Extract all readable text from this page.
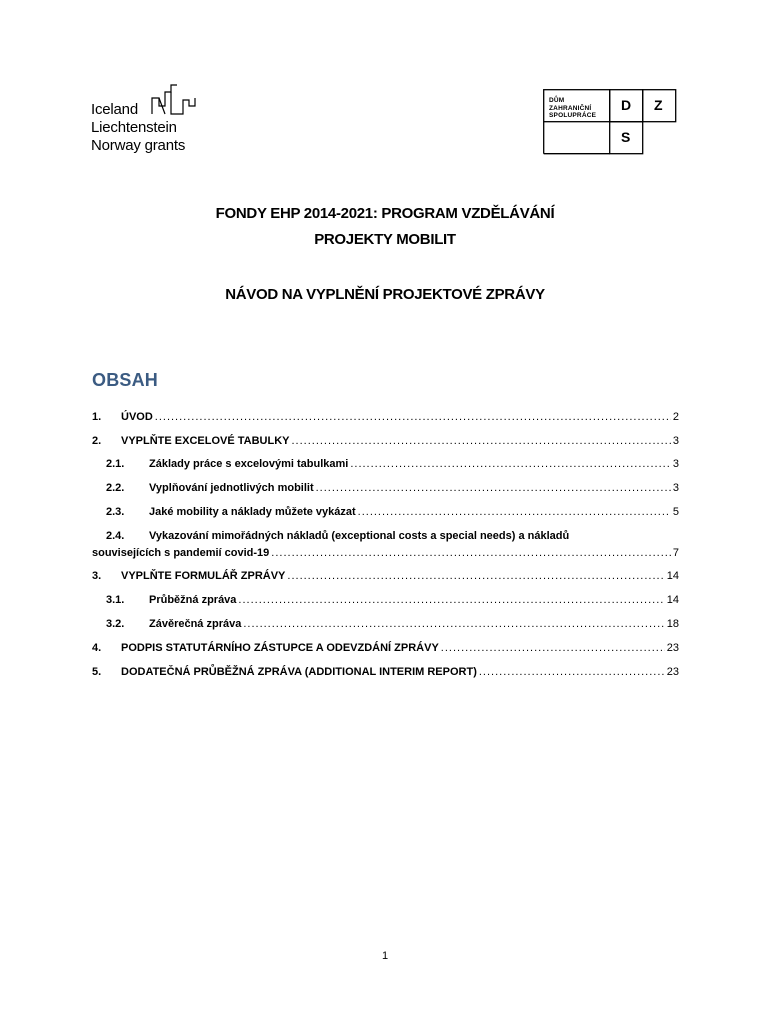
Iceland
Liechtenstein
Norway grants
DŮM
ZAHRANIČNÍ
SPOLUPRÁCE
D Z
S
FONDY EHP 2014-2021: PROGRAM VZDĚLÁVÁNÍ
PROJEKTY MOBILIT
NÁVOD NA VYPLNĚNÍ PROJEKTOVÉ ZPRÁVY
OBSAH
1.	ÚVOD .....	2
2.	VYPLŇTE EXCELOVÉ TABULKY .....	3
2.1.	Základy práce s excelovými tabulkami .....	3
2.2.	Vyplňování jednotlivých mobilit .....	3
2.3.	Jaké mobility a náklady můžete vykázat .....	5
2.4. Vykazování mimořádných nákladů (exceptional costs a special needs) a nákladů
souvisejících s pandemií covid-19 .....	7
3.	VYPLŇTE FORMULÁŘ ZPRÁVY .....	14
3.1.	Průběžná zpráva .....	14
3.2.	Závěrečná zpráva .....	18
4.	PODPIS STATUTÁRNÍHO ZÁSTUPCE A ODEVZDÁNÍ ZPRÁVY .....	23
5.	DODATEČNÁ PRŮBĚŽNÁ ZPRÁVA (ADDITIONAL INTERIM REPORT) .....	23
1
